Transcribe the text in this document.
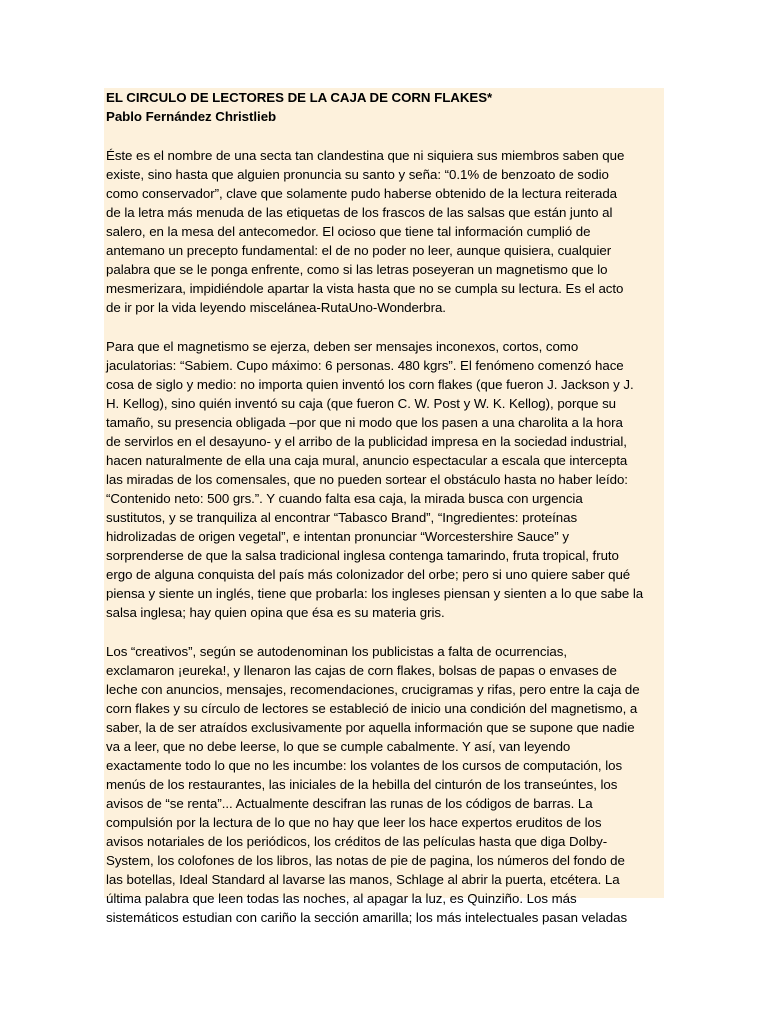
EL CIRCULO DE LECTORES DE LA CAJA DE CORN FLAKES*
Pablo Fernández Christlieb
Éste es el nombre de una secta tan clandestina que ni siquiera sus miembros saben que
existe, sino hasta que alguien pronuncia su santo y seña: “0.1% de benzoato de sodio
como conservador”, clave que solamente pudo haberse obtenido de la lectura reiterada
de la letra más menuda de las etiquetas de los frascos de las salsas que están junto al
salero, en la mesa del antecomedor. El ocioso que tiene tal información cumplió de
antemano un precepto fundamental: el de no poder no leer, aunque quisiera, cualquier
palabra que se le ponga enfrente, como si las letras poseyeran un magnetismo que lo
mesmerizara, impidiéndole apartar la vista hasta que no se cumpla su lectura. Es el acto
de ir por la vida leyendo miscelánea-RutaUno-Wonderbra.
Para que el magnetismo se ejerza, deben ser mensajes inconexos, cortos, como
jaculatorias: “Sabiem. Cupo máximo: 6 personas. 480 kgrs”. El fenómeno comenzó hace
cosa de siglo y medio: no importa quien inventó los corn flakes (que fueron J. Jackson y J.
H. Kellog), sino quién inventó su caja (que fueron C. W. Post y W. K. Kellog), porque su
tamaño, su presencia obligada –por que ni modo que los pasen a una charolita a la hora
de servirlos en el desayuno- y el arribo de la publicidad impresa en la sociedad industrial,
hacen naturalmente de ella una caja mural, anuncio espectacular a escala que intercepta
las miradas de los comensales, que no pueden sortear el obstáculo hasta no haber leído:
“Contenido neto: 500 grs.”. Y cuando falta esa caja, la mirada busca con urgencia
sustitutos, y se tranquiliza al encontrar “Tabasco Brand”, “Ingredientes: proteínas
hidrolizadas de origen vegetal”, e intentan pronunciar “Worcestershire Sauce” y
sorprenderse de que la salsa tradicional inglesa contenga tamarindo, fruta tropical, fruto
ergo de alguna conquista del país más colonizador del orbe; pero si uno quiere saber qué
piensa y siente un inglés, tiene que probarla: los ingleses piensan y sienten a lo que sabe la
salsa inglesa; hay quien opina que ésa es su materia gris.
Los “creativos”, según se autodenominan los publicistas a falta de ocurrencias,
exclamaron ¡eureka!, y llenaron las cajas de corn flakes, bolsas de papas o envases de
leche con anuncios, mensajes, recomendaciones, crucigramas y rifas, pero entre la caja de
corn flakes y su círculo de lectores se estableció de inicio una condición del magnetismo, a
saber, la de ser atraídos exclusivamente por aquella información que se supone que nadie
va a leer, que no debe leerse, lo que se cumple cabalmente. Y así, van leyendo
exactamente todo lo que no les incumbe: los volantes de los cursos de computación, los
menús de los restaurantes, las iniciales de la hebilla del cinturón de los transeúntes, los
avisos de “se renta”... Actualmente descifran las runas de los códigos de barras. La
compulsión por la lectura de lo que no hay que leer los hace expertos eruditos de los
avisos notariales de los periódicos, los créditos de las películas hasta que diga Dolby-
System, los colofones de los libros, las notas de pie de pagina, los números del fondo de
las botellas, Ideal Standard al lavarse las manos, Schlage al abrir la puerta, etcétera. La
última palabra que leen todas las noches, al apagar la luz, es Quinziño. Los más
sistemáticos estudian con cariño la sección amarilla; los más intelectuales pasan veladas
